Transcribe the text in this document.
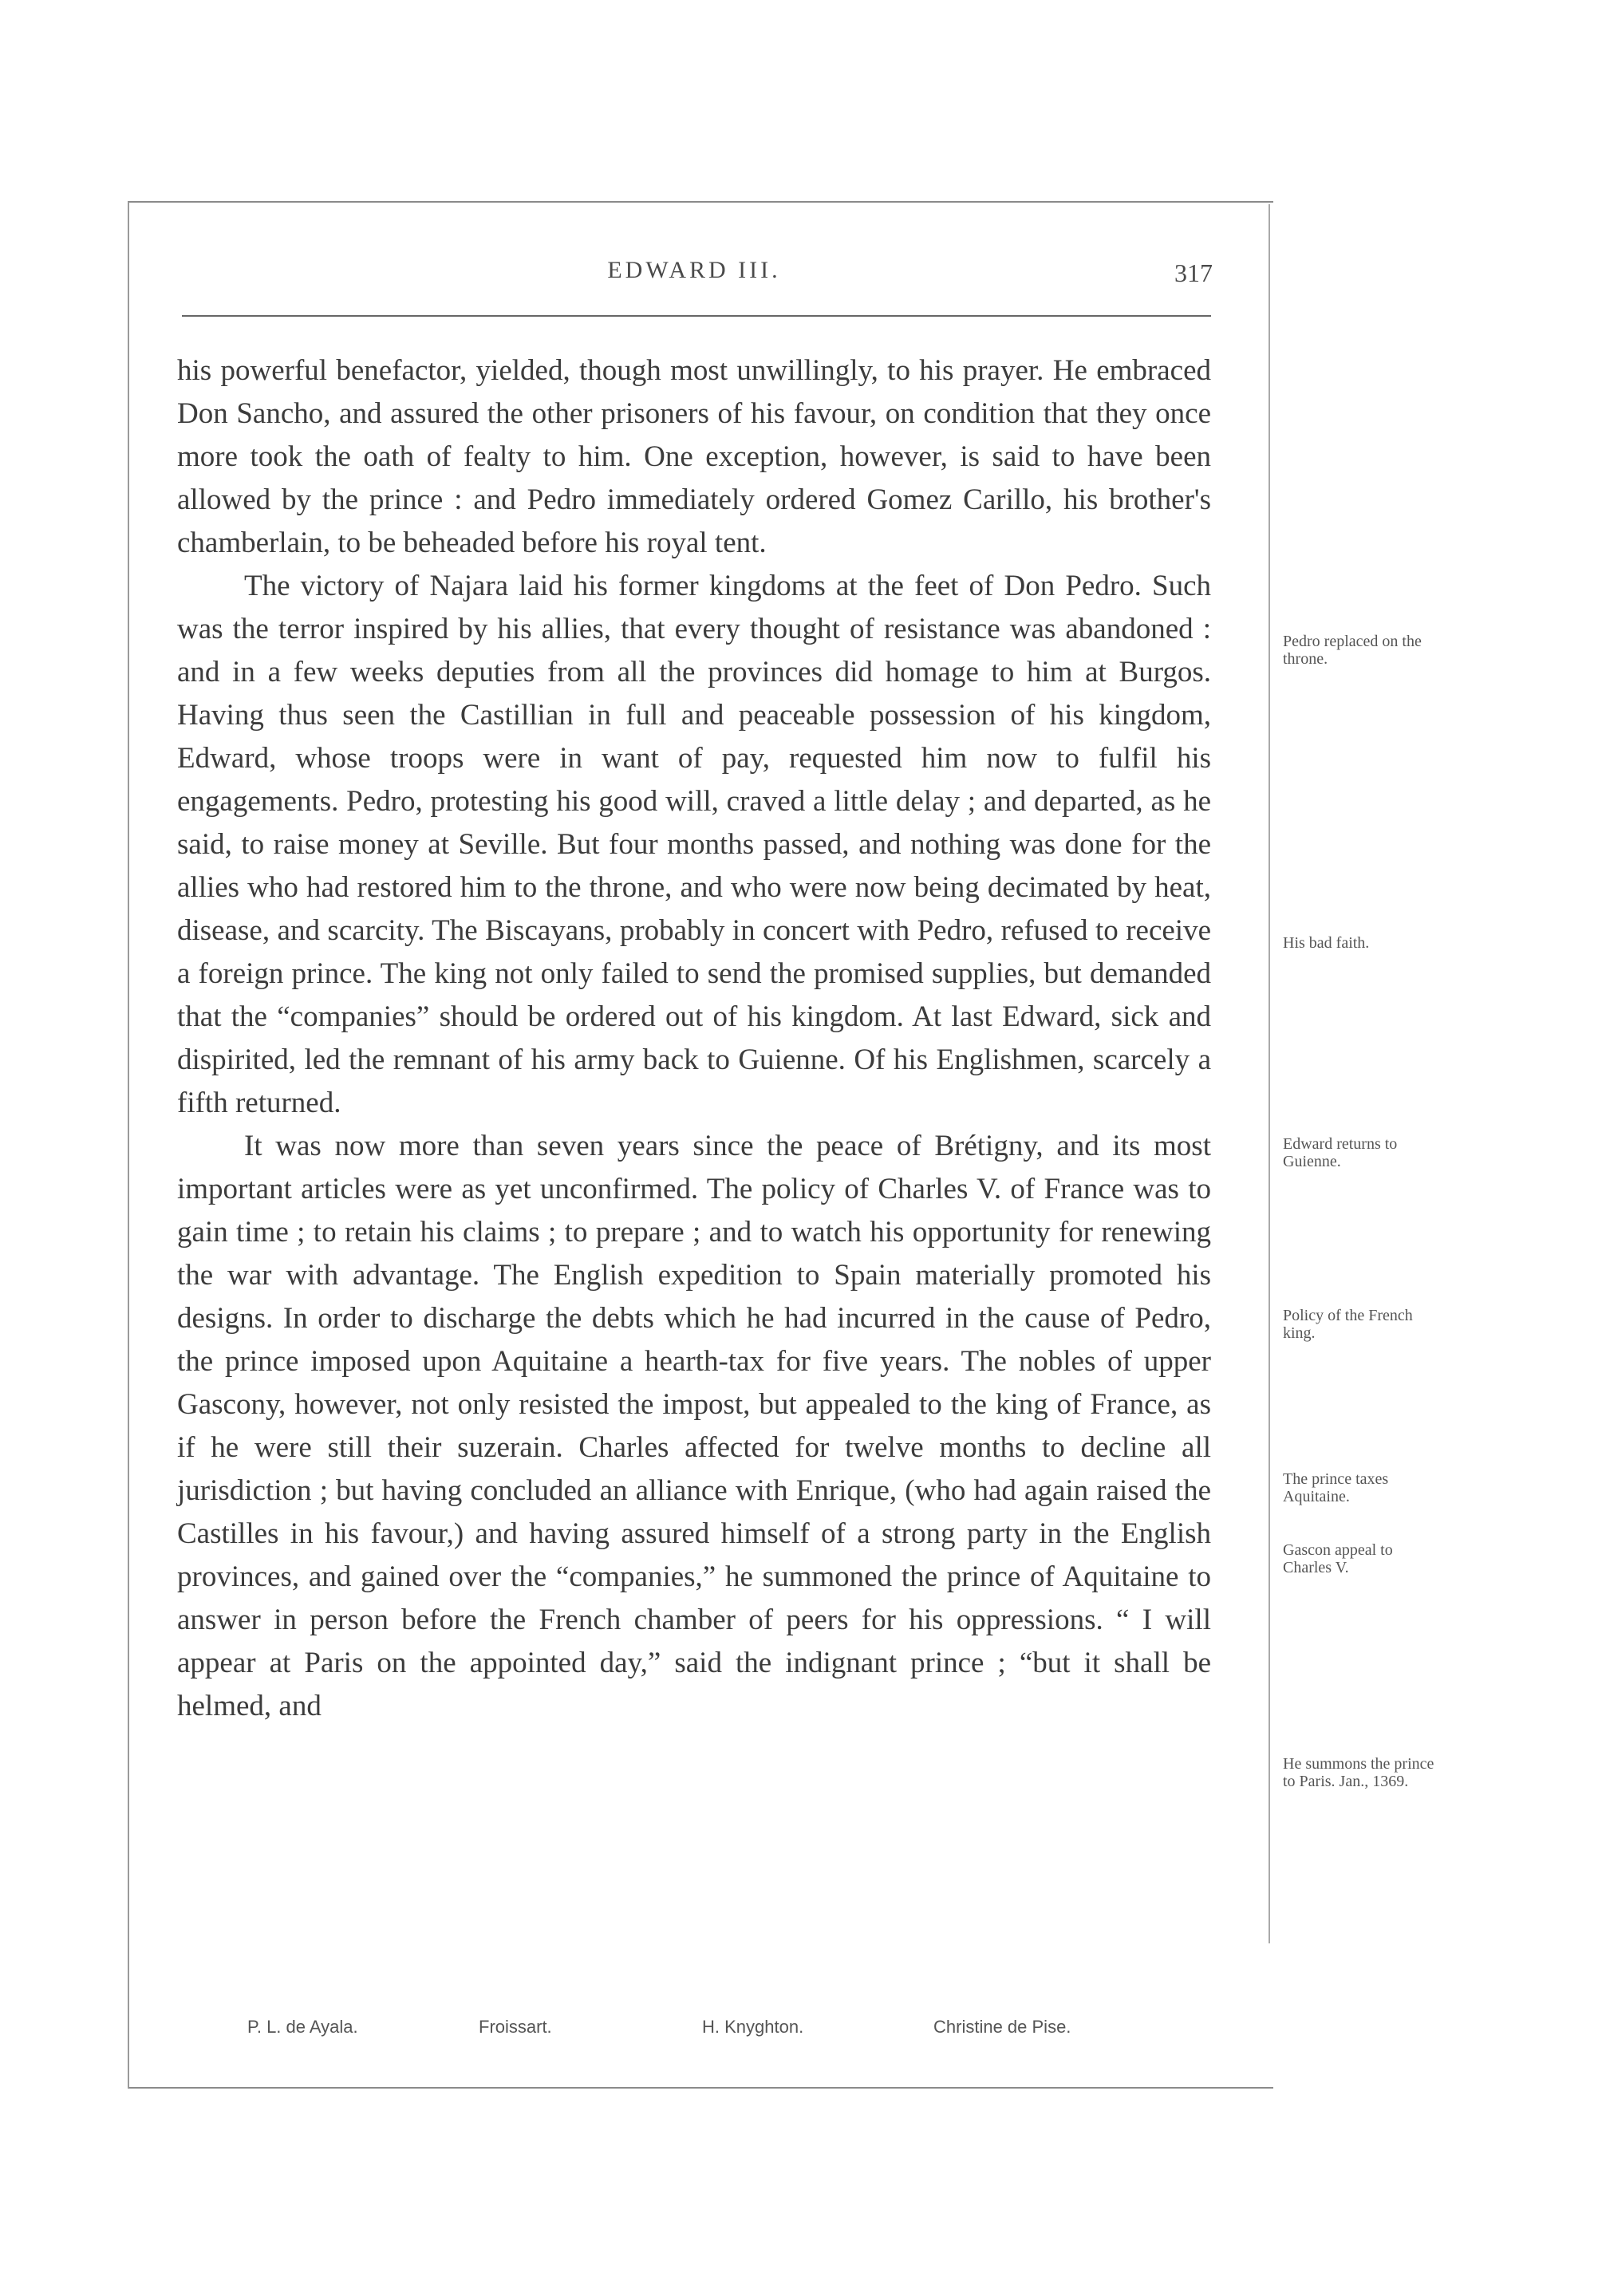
EDWARD III.	317

his powerful benefactor, yielded, though most unwillingly, to his prayer. He embraced Don Sancho, and assured the other prisoners of his favour, on condition that they once more took the oath of fealty to him. One exception, however, is said to have been allowed by the prince : and Pedro immediately ordered Gomez Carillo, his brother's chamberlain, to be beheaded before his royal tent.

The victory of Najara laid his former kingdoms at the feet of Don Pedro. Such was the terror inspired by his allies, that every thought of resistance was abandoned : and in a few weeks deputies from all the provinces did homage to him at Burgos. Having thus seen the Castillian in full and peaceable possession of his kingdom, Edward, whose troops were in want of pay, requested him now to fulfil his engagements. Pedro, protesting his good will, craved a little delay ; and departed, as he said, to raise money at Seville. But four months passed, and nothing was done for the allies who had restored him to the throne, and who were now being decimated by heat, disease, and scarcity. The Biscayans, probably in concert with Pedro, refused to receive a foreign prince. The king not only failed to send the promised supplies, but demanded that the “companies” should be ordered out of his kingdom. At last Edward, sick and dispirited, led the remnant of his army back to Guienne. Of his Englishmen, scarcely a fifth returned.

It was now more than seven years since the peace of Brétigny, and its most important articles were as yet unconfirmed. The policy of Charles V. of France was to gain time ; to retain his claims ; to prepare ; and to watch his opportunity for renewing the war with advantage. The English expedition to Spain materially promoted his designs. In order to discharge the debts which he had incurred in the cause of Pedro, the prince imposed upon Aquitaine a hearth-tax for five years. The nobles of upper Gascony, however, not only resisted the impost, but appealed to the king of France, as if he were still their suzerain. Charles affected for twelve months to decline all jurisdiction ; but having concluded an alliance with Enrique, (who had again raised the Castilles in his favour,) and having assured himself of a strong party in the English provinces, and gained over the “companies,” he summoned the prince of Aquitaine to answer in person before the French chamber of peers for his oppressions. “ I will appear at Paris on the appointed day,” said the indignant prince ; “but it shall be helmed, and

Pedro replaced on the throne.
His bad faith.
Edward returns to Guienne.
Policy of the French king.
The prince taxes Aquitaine.
Gascon appeal to Charles V.
He summons the prince to Paris. Jan., 1369.
P. L. de Ayala.	Froissart.	H. Knyghton.	Christine de Pise.
